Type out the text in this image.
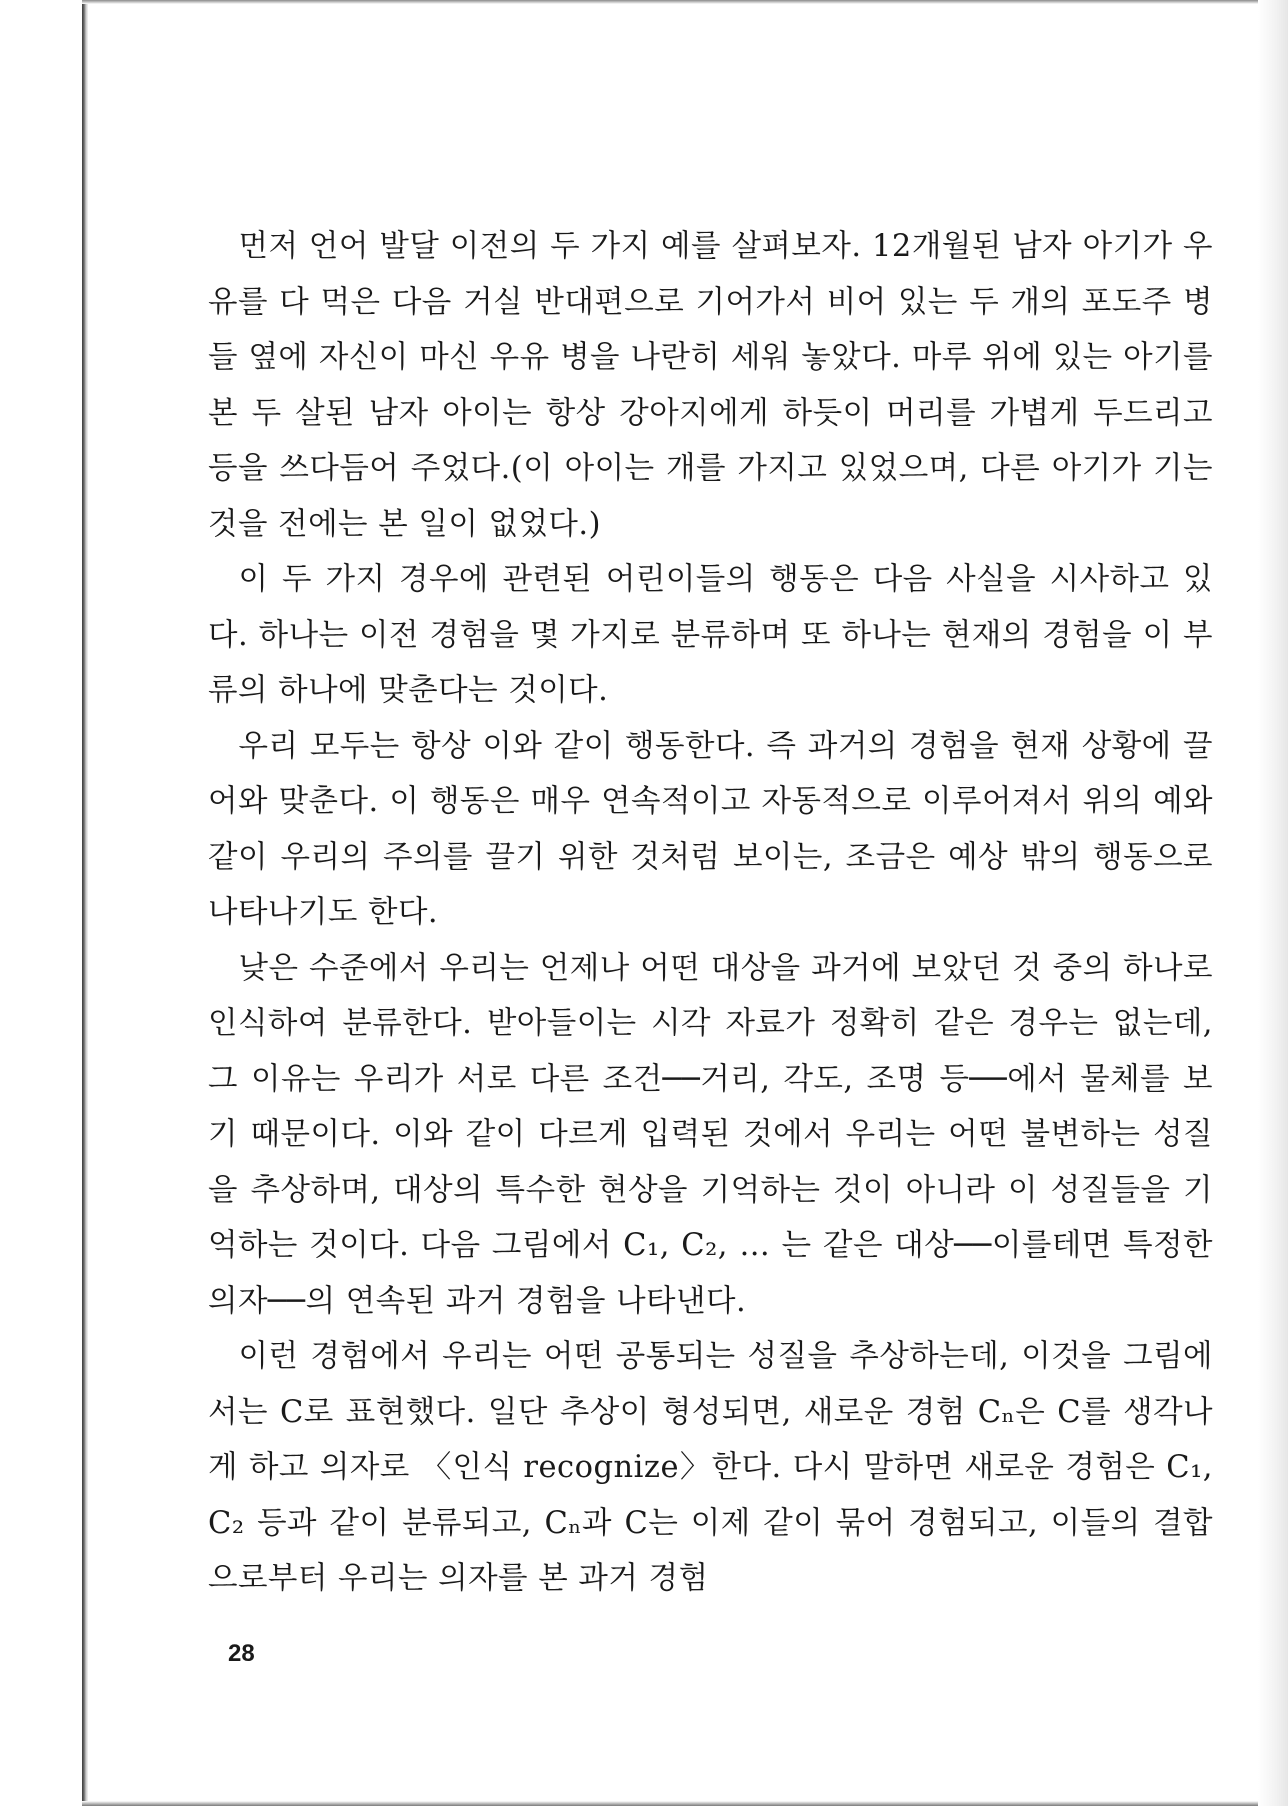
먼저 언어 발달 이전의 두 가지 예를 살펴보자. 12개월된 남자 아기가 우유를 다 먹은 다음 거실 반대편으로 기어가서 비어 있는 두 개의 포도주 병들 옆에 자신이 마신 우유 병을 나란히 세워 놓았다. 마루 위에 있는 아기를 본 두 살된 남자 아이는 항상 강아지에게 하듯이 머리를 가볍게 두드리고 등을 쓰다듬어 주었다.(이 아이는 개를 가지고 있었으며, 다른 아기가 기는 것을 전에는 본 일이 없었다.)

이 두 가지 경우에 관련된 어린이들의 행동은 다음 사실을 시사하고 있다. 하나는 이전 경험을 몇 가지로 분류하며 또 하나는 현재의 경험을 이 부류의 하나에 맞춘다는 것이다.

우리 모두는 항상 이와 같이 행동한다. 즉 과거의 경험을 현재 상황에 끌어와 맞춘다. 이 행동은 매우 연속적이고 자동적으로 이루어져서 위의 예와 같이 우리의 주의를 끌기 위한 것처럼 보이는, 조금은 예상 밖의 행동으로 나타나기도 한다.

낮은 수준에서 우리는 언제나 어떤 대상을 과거에 보았던 것 중의 하나로 인식하여 분류한다. 받아들이는 시각 자료가 정확히 같은 경우는 없는데, 그 이유는 우리가 서로 다른 조건──거리, 각도, 조명 등──에서 물체를 보기 때문이다. 이와 같이 다르게 입력된 것에서 우리는 어떤 불변하는 성질을 추상하며, 대상의 특수한 현상을 기억하는 것이 아니라 이 성질들을 기억하는 것이다. 다음 그림에서 C₁, C₂, … 는 같은 대상──이를테면 특정한 의자──의 연속된 과거 경험을 나타낸다.

이런 경험에서 우리는 어떤 공통되는 성질을 추상하는데, 이것을 그림에서는 C로 표현했다. 일단 추상이 형성되면, 새로운 경험 Cₙ은 C를 생각나게 하고 의자로 〈인식 recognize〉한다. 다시 말하면 새로운 경험은 C₁, C₂ 등과 같이 분류되고, Cₙ과 C는 이제 같이 묶어 경험되고, 이들의 결합으로부터 우리는 의자를 본 과거 경험

28
